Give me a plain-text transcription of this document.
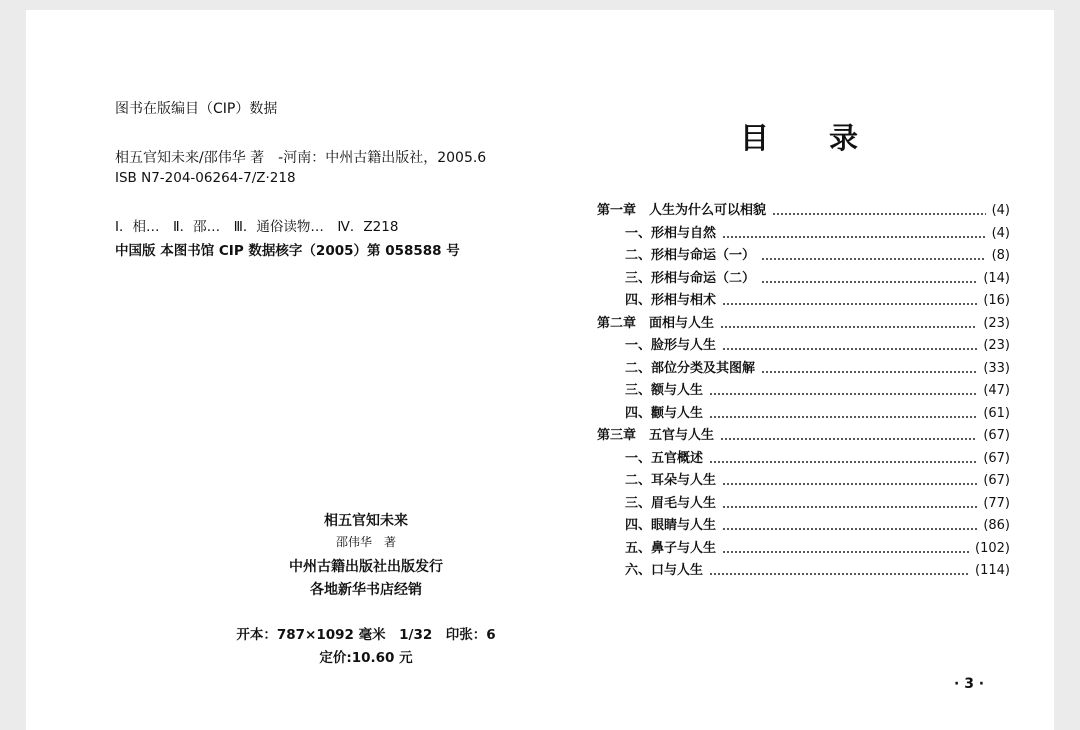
图书在版编目（CIP）数据
相五官知未来/邵伟华 著　-河南：中州古籍出版社，2005.6
ISB N7-204-06264-7/Z·218
Ⅰ．相…　Ⅱ．邵…　Ⅲ．通俗读物…　Ⅳ．Z218
中国版 本图书馆 CIP 数据核字（2005）第 058588 号
相五官知未来
邵伟华　著
中州古籍出版社出版发行
各地新华书店经销
开本：787×1092 毫米　1/32　印张：6
定价:10.60 元
目录
第一章　人生为什么可以相貌	(4)
一、形相与自然	(4)
二、形相与命运（一）	(8)
三、形相与命运（二）	(14)
四、形相与相术	(16)
第二章　面相与人生	(23)
一、脸形与人生	(23)
二、部位分类及其图解	(33)
三、额与人生	(47)
四、颧与人生	(61)
第三章　五官与人生	(67)
一、五官概述	(67)
二、耳朵与人生	(67)
三、眉毛与人生	(77)
四、眼睛与人生	(86)
五、鼻子与人生	(102)
六、口与人生	(114)
· 3 ·
